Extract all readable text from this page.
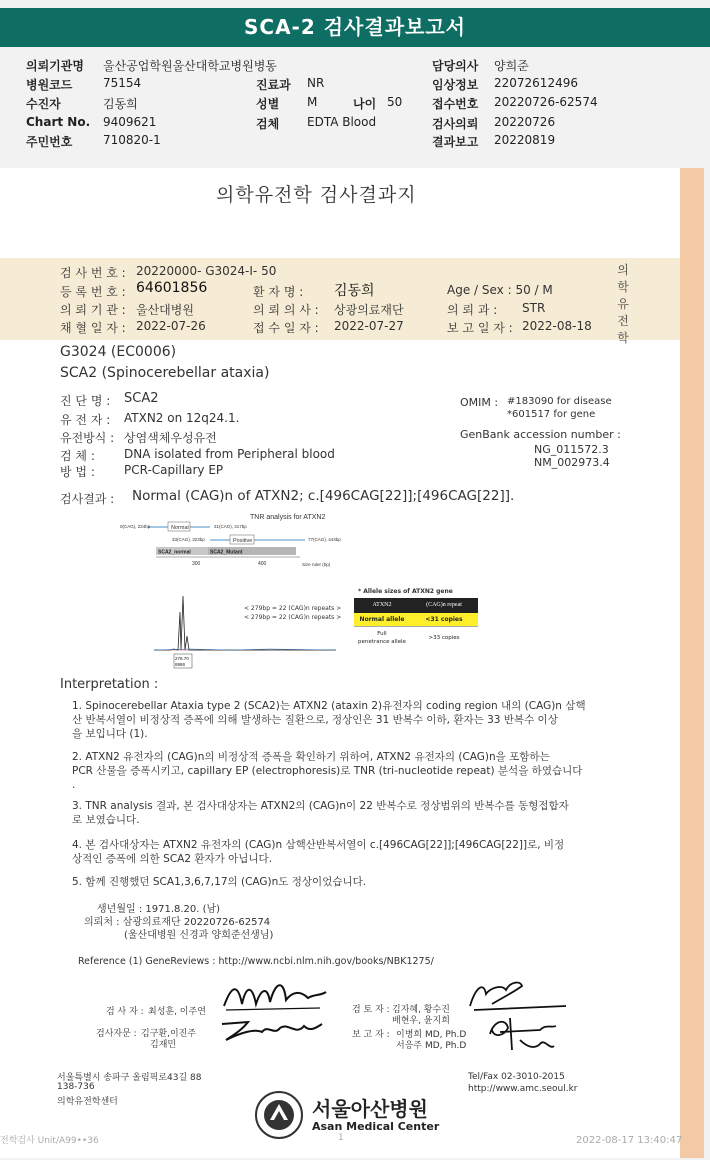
SCA-2 검사결과보고서
의뢰기관명 울산공업학원울산대학교병원병동
병원코드	75154
수진자	김동희
Chart No. 9409621
주민번호	710820-1
진료과 NR
성별 M	나이 50
검체 EDTA Blood
담당의사 양희준
임상정보 22072612496
접수번호 20220726-62574
검사의뢰 20220726
결과보고 20220819
의학유전학 검사결과지
의학유전학
검 사 번 호 : 20220000- G3024-I- 50
등 록 번 호 : 64601856
의 뢰 기 관 : 울산대병원
채 혈 일 자 : 2022-07-26
환 자 명 : 김동희
의 뢰 의 사 : 상광의료재단
접 수 일 자 : 2022-07-27
Age / Sex : 50 / M
의 뢰 과 : STR
보 고 일 자 : 2022-08-18
G3024 (EC0006)
SCA2 (Spinocerebellar ataxia)
진 단 명 : SCA2
유 전 자 : ATXN2 on 12q24.1.
유전방식 : 상염색체우성유전
검 체 : DNA isolated from Peripheral blood
방 법 : PCR-Capillary EP
OMIM : #183090 for disease
*601517 for gene
GenBank accession number :
NG_011572.3
NM_002973.4
검사결과 : Normal (CAG)n of ATXN2; c.[496CAG[22]];[496CAG[22]].
TNR analysis for ATXN2
Normal
0(CAG), 224bp	31(CAG), 317bp
Positive
33(CAG), 323bp	77(CAG), 443bp
SCA2_normal	SCA2_Mutant
300	400	Size ruler (bp)
278.70
8986
< 279bp = 22 (CAG)n repeats >
< 279bp = 22 (CAG)n repeats >
* Allele sizes of ATXN2 gene
ATXN2	(CAG)n repeat
Normal allele	<31 copies
Full
penetrance allele
>33 copies
Interpretation :
1. Spinocerebellar Ataxia type 2 (SCA2)는 ATXN2 (ataxin 2)유전자의 coding region 내의 (CAG)n 삼핵
산 반복서열이 비정상적 증폭에 의해 발생하는 질환으로, 정상인은 31 반복수 이하, 환자는 33 반복수 이상
을 보입니다 (1).
2. ATXN2 유전자의 (CAG)n의 비정상적 증폭을 확인하기 위하여, ATXN2 유전자의 (CAG)n을 포함하는
PCR 산물을 증폭시키고, capillary EP (electrophoresis)로 TNR (tri-nucleotide repeat) 분석을 하였습니다
.
3. TNR analysis 결과, 본 검사대상자는 ATXN2의 (CAG)n이 22 반복수로 정상범위의 반복수를 동형접합자
로 보였습니다.
4. 본 검사대상자는 ATXN2 유전자의 (CAG)n 삼핵산반복서열이 c.[496CAG[22]];[496CAG[22]]로, 비정
상적인 증폭에 의한 SCA2 환자가 아닙니다.
5. 함께 진행했던 SCA1,3,6,7,17의 (CAG)n도 정상이었습니다.
생년월일 : 1971.8.20. (남)
의뢰처 : 삼광의료재단 20220726-62574
(울산대병원 신경과 양희준선생님)
Reference (1) GeneReviews : http://www.ncbi.nlm.nih.gov/books/NBK1275/
검 사 자 : 최성훈, 이주연
검사자문 : 김구환,이진주
김재민
검 토 자 : 김자혜, 황수진
배현우, 윤지희
보 고 자 : 이병희 MD, Ph.D
서응주 MD, Ph.D
서울특별시 송파구 올림픽로43길 88
138-736
의학유전학센터	서울아산병원
Asan Medical Center
Tel/Fax 02-3010-2015
http://www.amc.seoul.kr
전학검사 Unit/A99••36	1	2022-08-17 13:40:47
